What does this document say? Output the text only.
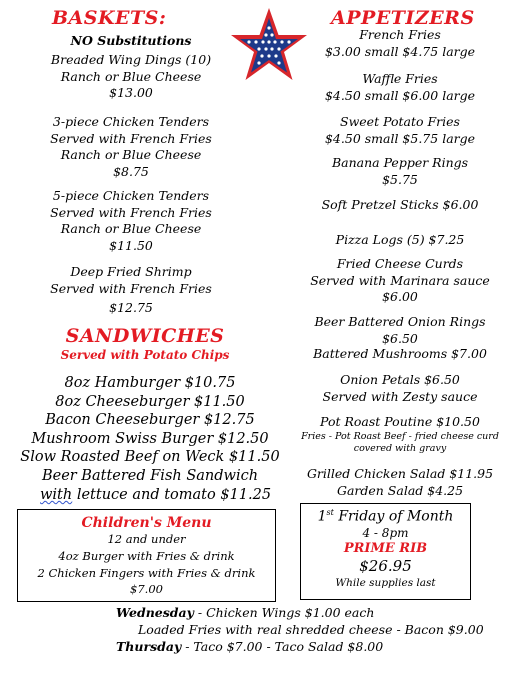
BASKETS:
NO Substitutions
Breaded Wing Dings (10)
Ranch or Blue Cheese
$13.00
3-piece Chicken Tenders
Served with French Fries
Ranch or Blue Cheese
$8.75
5-piece Chicken Tenders
Served with French Fries
Ranch or Blue Cheese
$11.50
Deep Fried Shrimp
Served with French Fries
$12.75
APPETIZERS
French Fries
$3.00 small $4.75 large
Waffle Fries
$4.50 small $6.00 large
Sweet Potato Fries
$4.50 small $5.75 large
Banana Pepper Rings
$5.75
Soft Pretzel Sticks $6.00
Pizza Logs (5) $7.25
Fried Cheese Curds
Served with Marinara sauce
$6.00
Beer Battered Onion Rings
$6.50
Battered Mushrooms $7.00
Onion Petals $6.50
Served with Zesty sauce
Pot Roast Poutine $10.50
Fries - Pot Roast Beef - fried cheese curd
covered with gravy
Grilled Chicken Salad $11.95
Garden Salad $4.25
SANDWICHES
Served with Potato Chips
8oz Hamburger $10.75
8oz Cheeseburger $11.50
Bacon Cheeseburger $12.75
Mushroom Swiss Burger $12.50
Slow Roasted Beef on Weck $11.50
Beer Battered Fish Sandwich
with lettuce and tomato $11.25
Children's Menu
12 and under
4oz Burger with Fries & drink
2 Chicken Fingers with Fries & drink
$7.00
1st Friday of Month
4 - 8pm
PRIME RIB
$26.95
While supplies last
Wednesday - Chicken Wings $1.00 each
Loaded Fries with real shredded cheese - Bacon $9.00
Thursday - Taco $7.00 - Taco Salad $8.00
